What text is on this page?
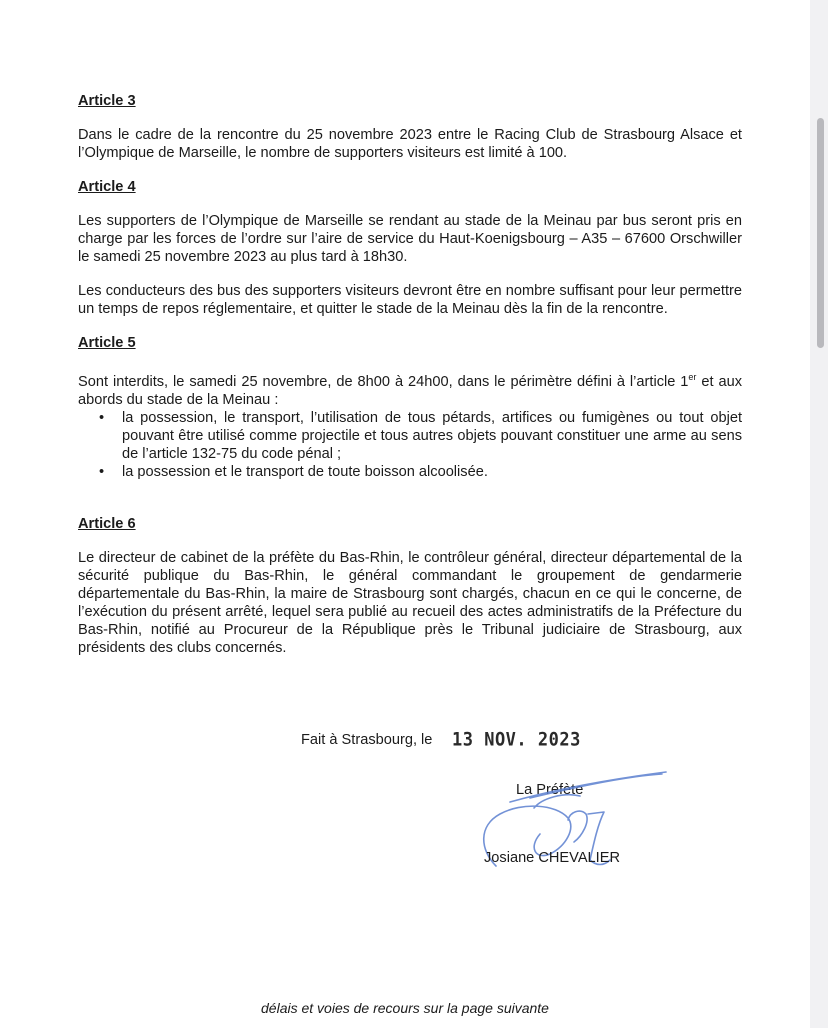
Article 3

Dans le cadre de la rencontre du 25 novembre 2023 entre le Racing Club de Strasbourg Alsace et l’Olympique de Marseille, le nombre de supporters visiteurs est limité à 100.

Article 4

Les supporters de l’Olympique de Marseille se rendant au stade de la Meinau par bus seront pris en charge par les forces de l’ordre sur l’aire de service du Haut-Koenigsbourg – A35 – 67600 Orschwiller le samedi 25 novembre 2023 au plus tard à 18h30.

Les conducteurs des bus des supporters visiteurs devront être en nombre suffisant pour leur permettre un temps de repos réglementaire, et quitter le stade de la Meinau dès la fin de la rencontre.

Article 5

Sont interdits, le samedi 25 novembre, de 8h00 à 24h00, dans le périmètre défini à l’article 1er et aux abords du stade de la Meinau :

• la possession, le transport, l’utilisation de tous pétards, artifices ou fumigènes ou tout objet pouvant être utilisé comme projectile et tous autres objets pouvant constituer une arme au sens de l’article 132-75 du code pénal ;
• la possession et le transport de toute boisson alcoolisée.
Article 6

Le directeur de cabinet de la préfète du Bas-Rhin, le contrôleur général, directeur départemental de la sécurité publique du Bas-Rhin, le général commandant le groupement de gendarmerie départementale du Bas-Rhin, la maire de Strasbourg sont chargés, chacun en ce qui le concerne, de l’exécution du présent arrêté, lequel sera publié au recueil des actes administratifs de la Préfecture du Bas-Rhin, notifié au Procureur de la République près le Tribunal judiciaire de Strasbourg, aux présidents des clubs concernés.

Fait à Strasbourg, le 13 NOV. 2023
La Préfète
Josiane CHEVALIER
délais et voies de recours sur la page suivante
